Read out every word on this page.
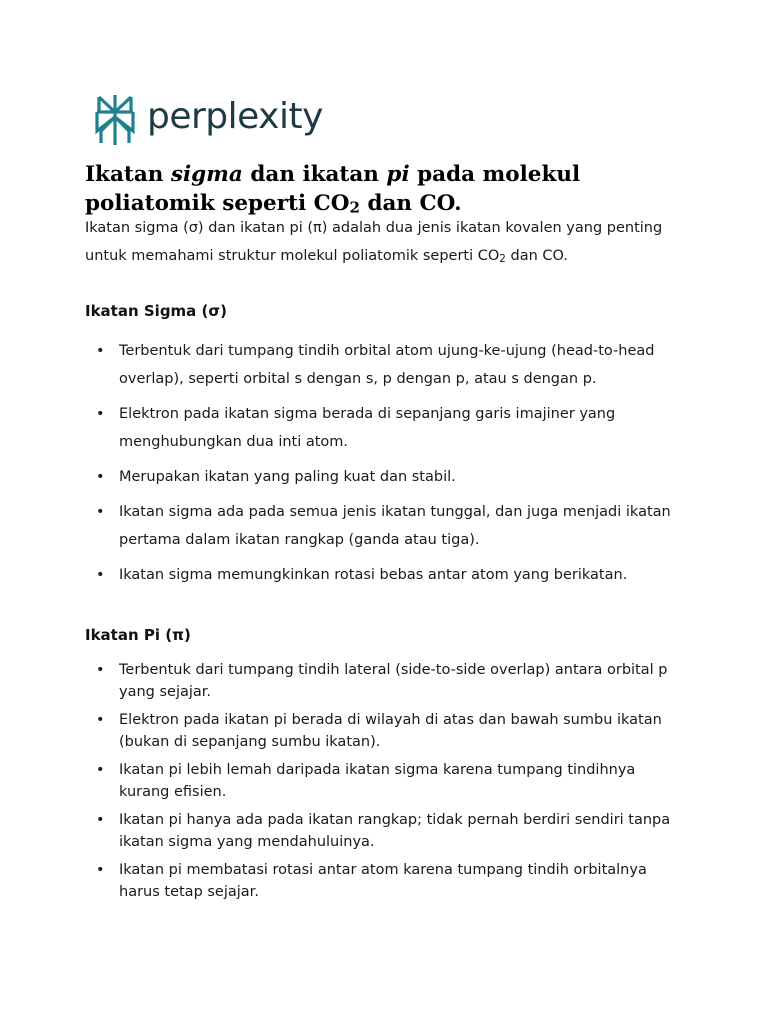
perplexity
Ikatan sigma dan ikatan pi pada molekul poliatomik seperti $CO_2$ dan CO.

Ikatan sigma (σ) dan ikatan pi (π) adalah dua jenis ikatan kovalen yang penting untuk memahami struktur molekul poliatomik seperti $CO_2$ dan CO.

Ikatan Sigma (σ)
• Terbentuk dari tumpang tindih orbital atom ujung-ke-ujung (head-to-head overlap), seperti orbital s dengan s, p dengan p, atau s dengan p.
• Elektron pada ikatan sigma berada di sepanjang garis imajiner yang menghubungkan dua inti atom.
• Merupakan ikatan yang paling kuat dan stabil.
• Ikatan sigma ada pada semua jenis ikatan tunggal, dan juga menjadi ikatan pertama dalam ikatan rangkap (ganda atau tiga).
• Ikatan sigma memungkinkan rotasi bebas antar atom yang berikatan.
Ikatan Pi (π)
• Terbentuk dari tumpang tindih lateral (side-to-side overlap) antara orbital p yang sejajar.
• Elektron pada ikatan pi berada di wilayah di atas dan bawah sumbu ikatan (bukan di sepanjang sumbu ikatan).
• Ikatan pi lebih lemah daripada ikatan sigma karena tumpang tindihnya kurang efisien.
• Ikatan pi hanya ada pada ikatan rangkap; tidak pernah berdiri sendiri tanpa ikatan sigma yang mendahuluinya.
• Ikatan pi membatasi rotasi antar atom karena tumpang tindih orbitalnya harus tetap sejajar.
